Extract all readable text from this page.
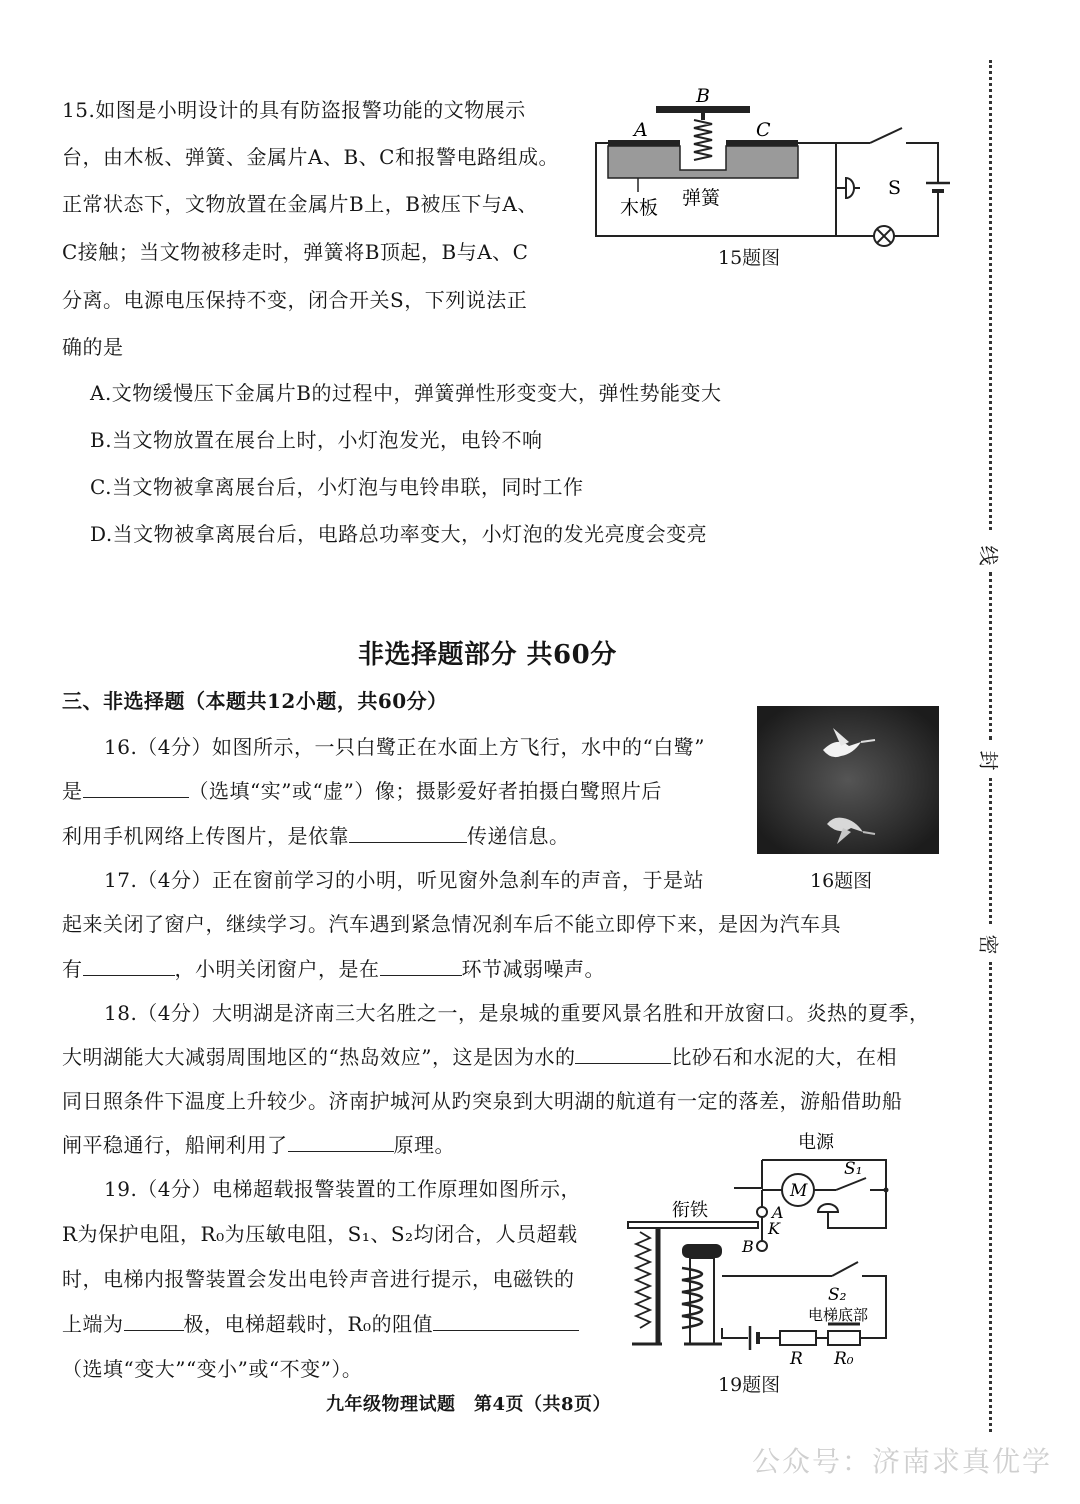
15.如图是小明设计的具有防盗报警功能的文物展示
台，由木板、弹簧、金属片A、B、C和报警电路组成。
正常状态下，文物放置在金属片B上，B被压下与A、
C接触；当文物被移走时，弹簧将B顶起，B与A、C
分离。电源电压保持不变，闭合开关S，下列说法正
确的是
A.文物缓慢压下金属片B的过程中，弹簧弹性形变变大，弹性势能变大
B.当文物放置在展台上时，小灯泡发光，电铃不响
C.当文物被拿离展台后，小灯泡与电铃串联，同时工作
D.当文物被拿离展台后，电路总功率变大，小灯泡的发光亮度会变亮
B
A	C
木板 弹簧	S
15题图
非选择题部分 共60分
三、非选择题（本题共12小题，共60分）
16.（4分）如图所示，一只白鹭正在水面上方飞行，水中的“白鹭”
是	（选填“实”或“虚”）像；摄影爱好者拍摄白鹭照片后
利用手机网络上传图片，是依靠	传递信息。
16题图
17.（4分）正在窗前学习的小明，听见窗外急刹车的声音，于是站
起来关闭了窗户，继续学习。汽车遇到紧急情况刹车后不能立即停下来，是因为汽车具
有	，小明关闭窗户，是在	环节减弱噪声。
18.（4分）大明湖是济南三大名胜之一，是泉城的重要风景名胜和开放窗口。炎热的夏季，
大明湖能大大减弱周围地区的“热岛效应”，这是因为水的	比砂石和水泥的大，在相
同日照条件下温度上升较少。济南护城河从趵突泉到大明湖的航道有一定的落差，游船借助船
闸平稳通行，船闸利用了	原理。
19.（4分）电梯超载报警装置的工作原理如图所示，
R为保护电阻，R₀为压敏电阻，S₁、S₂均闭合，人员超载
时，电梯内报警装置会发出电铃声音进行提示，电磁铁的
上端为	极，电梯超载时，R₀的阻值
（选填“变大”“变小”或“不变”）。
电源
M
S₁
衔铁	A
K
B
S₂
电梯底部
R R₀
19题图
九年级物理试题　第4页（共8页）
线
封
密
公众号：济南求真优学
